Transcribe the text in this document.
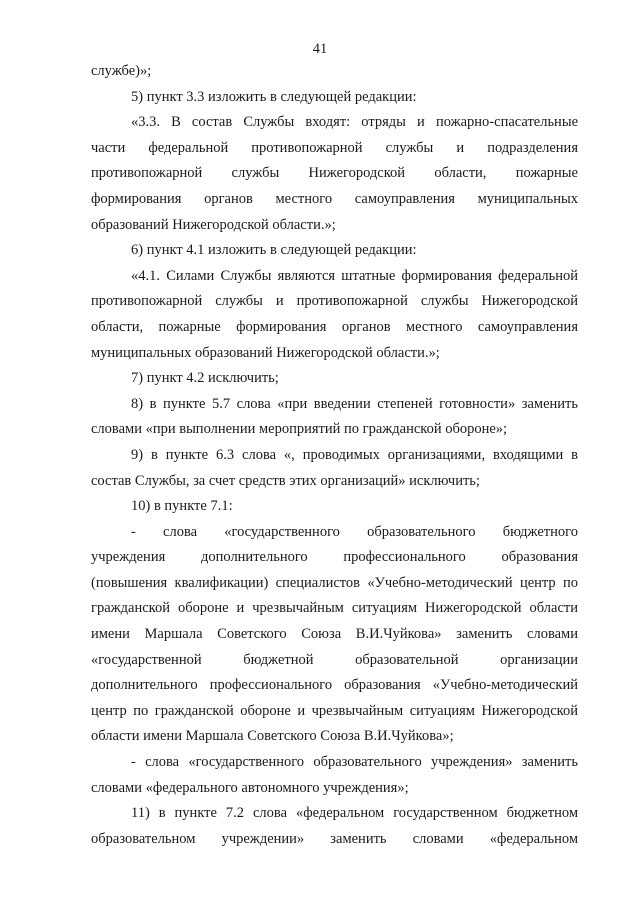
41

службе)»;

5) пункт 3.3 изложить в следующей редакции:

«3.3. В состав Службы входят: отряды и пожарно-спасательные
части федеральной противопожарной службы и подразделения
противопожарной службы Нижегородской области, пожарные
формирования органов местного самоуправления муниципальных
образований Нижегородской области.»;

6) пункт 4.1 изложить в следующей редакции:

«4.1. Силами Службы являются штатные формирования федеральной
противопожарной службы и противопожарной службы Нижегородской
области, пожарные формирования органов местного самоуправления
муниципальных образований Нижегородской области.»;

7) пункт 4.2 исключить;

8) в пункте 5.7 слова «при введении степеней готовности» заменить
словами «при выполнении мероприятий по гражданской обороне»;

9) в пункте 6.3 слова «, проводимых организациями, входящими в
состав Службы, за счет средств этих организаций» исключить;

10) в пункте 7.1:

- слова «государственного образовательного бюджетного
учреждения дополнительного профессионального образования
(повышения квалификации) специалистов «Учебно-методический центр по
гражданской обороне и чрезвычайным ситуациям Нижегородской области
имени Маршала Советского Союза В.И.Чуйкова» заменить словами
«государственной бюджетной образовательной организации
дополнительного профессионального образования «Учебно-методический
центр по гражданской обороне и чрезвычайным ситуациям Нижегородской
области имени Маршала Советского Союза В.И.Чуйкова»;

- слова «государственного образовательного учреждения» заменить
словами «федерального автономного учреждения»;

11) в пункте 7.2 слова «федеральном государственном бюджетном
образовательном учреждении» заменить словами «федеральном
